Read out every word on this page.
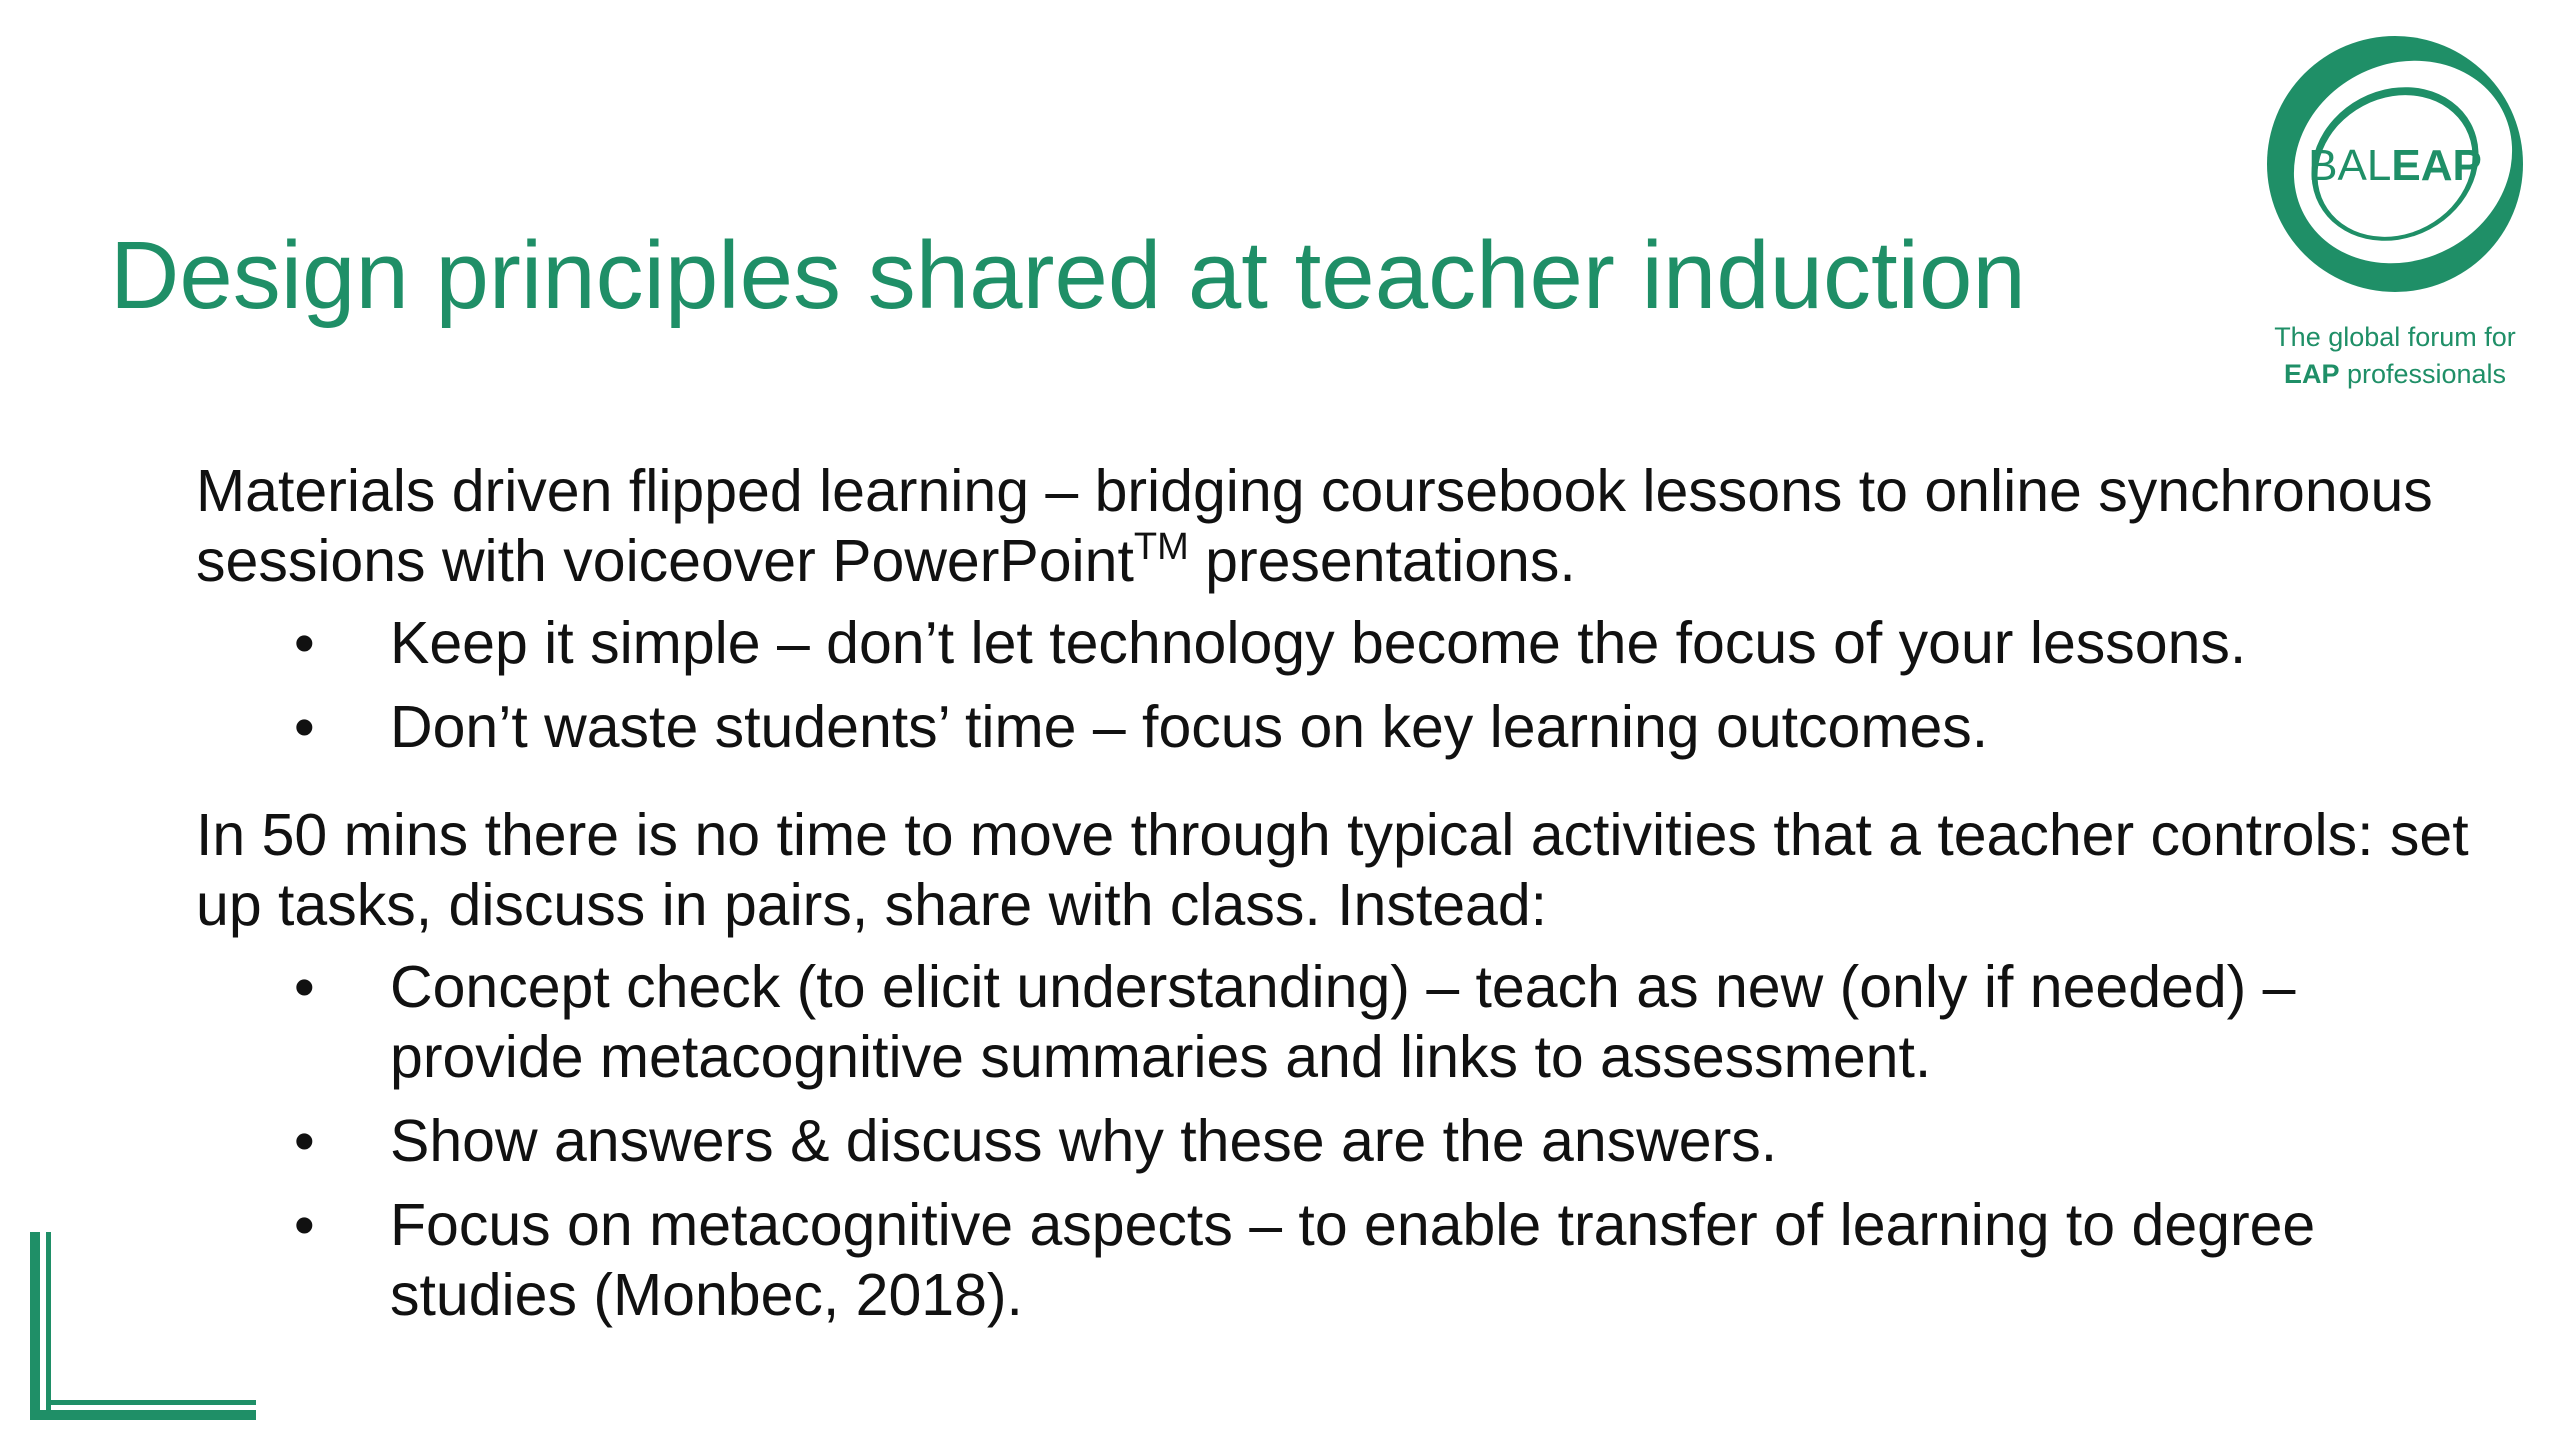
Design principles shared at teacher induction
BALEAP
The global forum for
EAP professionals

Materials driven flipped learning – bridging coursebook lessons to online synchronous sessions with voiceover PowerPoint™ presentations.

• Keep it simple – don’t let technology become the focus of your lessons.
• Don’t waste students’ time – focus on key learning outcomes.

In 50 mins there is no time to move through typical activities that a teacher controls: set up tasks, discuss in pairs, share with class. Instead:

• Concept check (to elicit understanding) – teach as new (only if needed) – provide metacognitive summaries and links to assessment.
• Show answers & discuss why these are the answers.
• Focus on metacognitive aspects – to enable transfer of learning to degree studies (Monbec, 2018).
